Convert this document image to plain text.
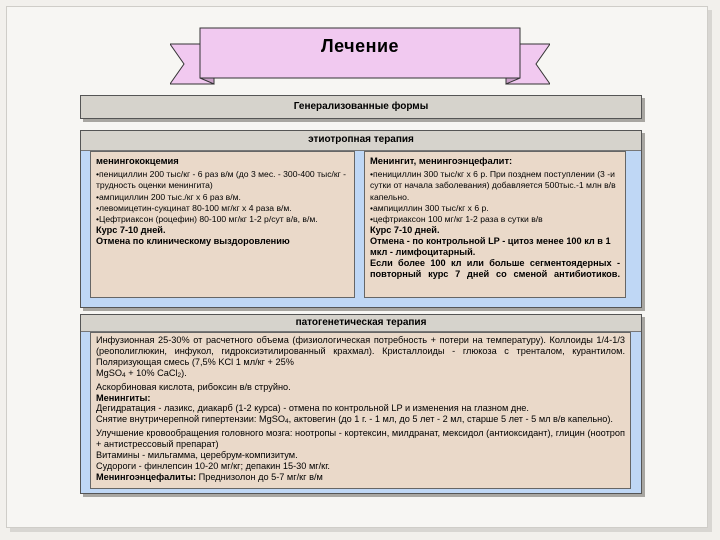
Лечение
Генерализованные формы
этиотропная терапия
менингококцемия
•пенициллин 200 тыс/кг - 6 раз в/м (до 3 мес. - 300-400 тыс/кг - трудность оценки менингита)
•ампициллин 200 тыс./кг х 6 раз в/м.
•левомицетин-сукцинат 80-100 мг/кг х 4 раза в/м.
•Цефтриаксон (роцефин) 80-100 мг/кг 1-2 р/сут в/в, в/м.
Курс 7-10 дней.
Отмена по клиническому выздоровлению
Менингит, менингоэнцефалит:
•пенициллин 300 тыс/кг х 6 р. При позднем поступлении (3 -и сутки от начала заболевания) добавляется 500тыс.-1 млн в/в капельно.
•ампициллин 300 тыс/кг х 6 р.
•цефтриаксон 100 мг/кг 1-2 раза в сутки в/в
Курс 7-10 дней.
Отмена - по контрольной LP - цитоз менее 100 кл в 1 мкл - лимфоцитарный.
Если более 100 кл или больше сегментоядерных - повторный курс 7 дней со сменой антибиотиков.
патогенетическая терапия
Инфузионная 25-30% от расчетного объема (физиологическая потребность + потери на температуру). Коллоиды 1/4-1/3 (реополиглюкин, инфукол, гидроксиэтилированный крахмал). Кристаллоиды - глюкоза с тренталом, курантилом. Поляризующая смесь (7,5% KCl 1 мл/кг + 25%
MgSO$_4$ + 10% CaCl$_2$).
Аскорбиновая кислота, рибоксин в/в струйно.
Менингиты:
Дегидратация - лазикс, диакарб (1-2 курса) - отмена по контрольной LP и изменения на глазном дне.
Снятие внутричерепной гипертензии: MgSO$_4$, актовегин (до 1 г. - 1 мл, до 5 лет - 2 мл, старше 5 лет - 5 мл в/в капельно).
Улучшение кровообращения головного мозга: ноотропы - кортексин, милдранат, мексидол (антиоксидант), глицин (ноотроп + антистрессовый препарат)
Витамины - мильгамма, церебрум-компизитум.
Судороги - финлепсин 10-20 мг/кг; депакин 15-30 мг/кг.
Менингоэнцефалиты: Преднизолон до 5-7 мг/кг в/м
